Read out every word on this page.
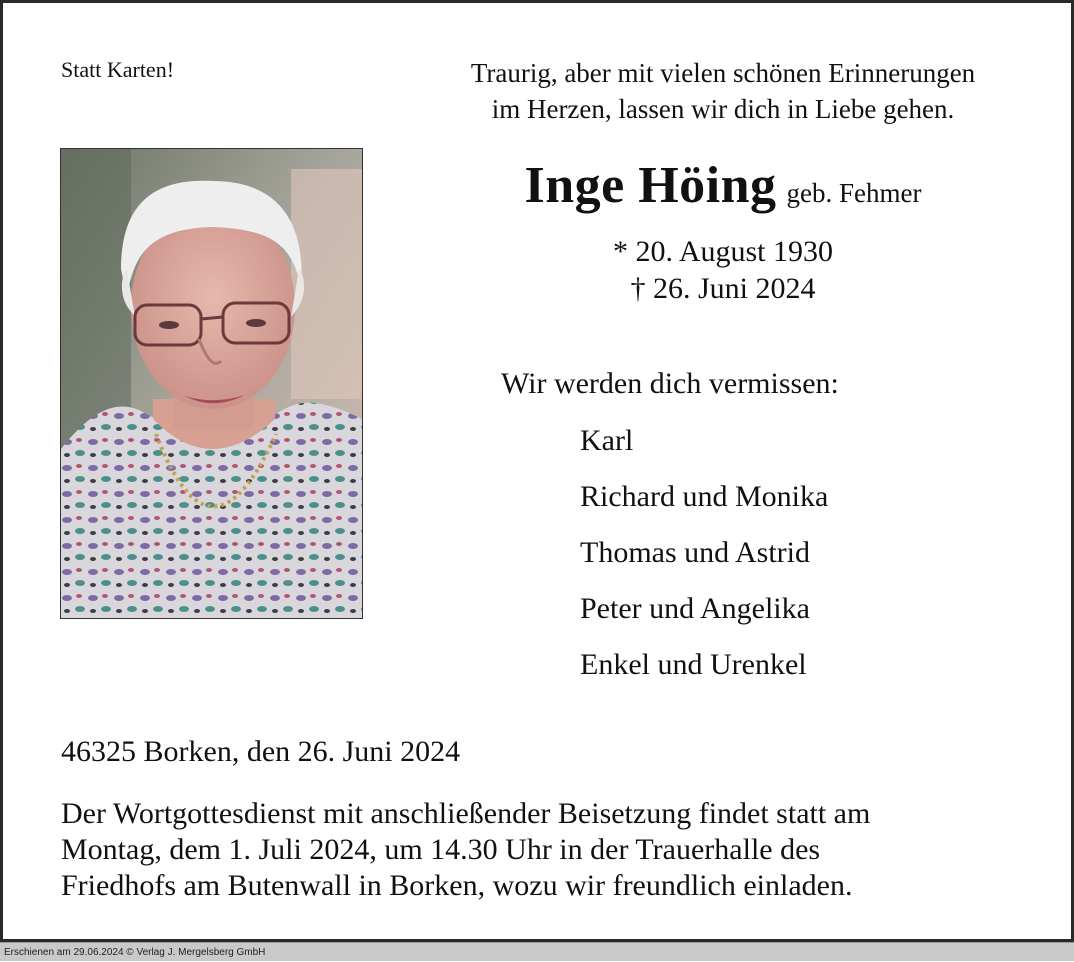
Statt Karten!	Traurig, aber mit vielen schönen Erinnerungen
im Herzen, lassen wir dich in Liebe gehen.
Inge Höing geb. Fehmer
* 20. August 1930
† 26. Juni 2024
Wir werden dich vermissen:
Karl
Richard und Monika
Thomas und Astrid
Peter und Angelika
Enkel und Urenkel
46325 Borken, den 26. Juni 2024
Der Wortgottesdienst mit anschließender Beisetzung findet statt am
Montag, dem 1. Juli 2024, um 14.30 Uhr in der Trauerhalle des
Friedhofs am Butenwall in Borken, wozu wir freundlich einladen.
Erschienen am 29.06.2024 © Verlag J. Mergelsberg GmbH
